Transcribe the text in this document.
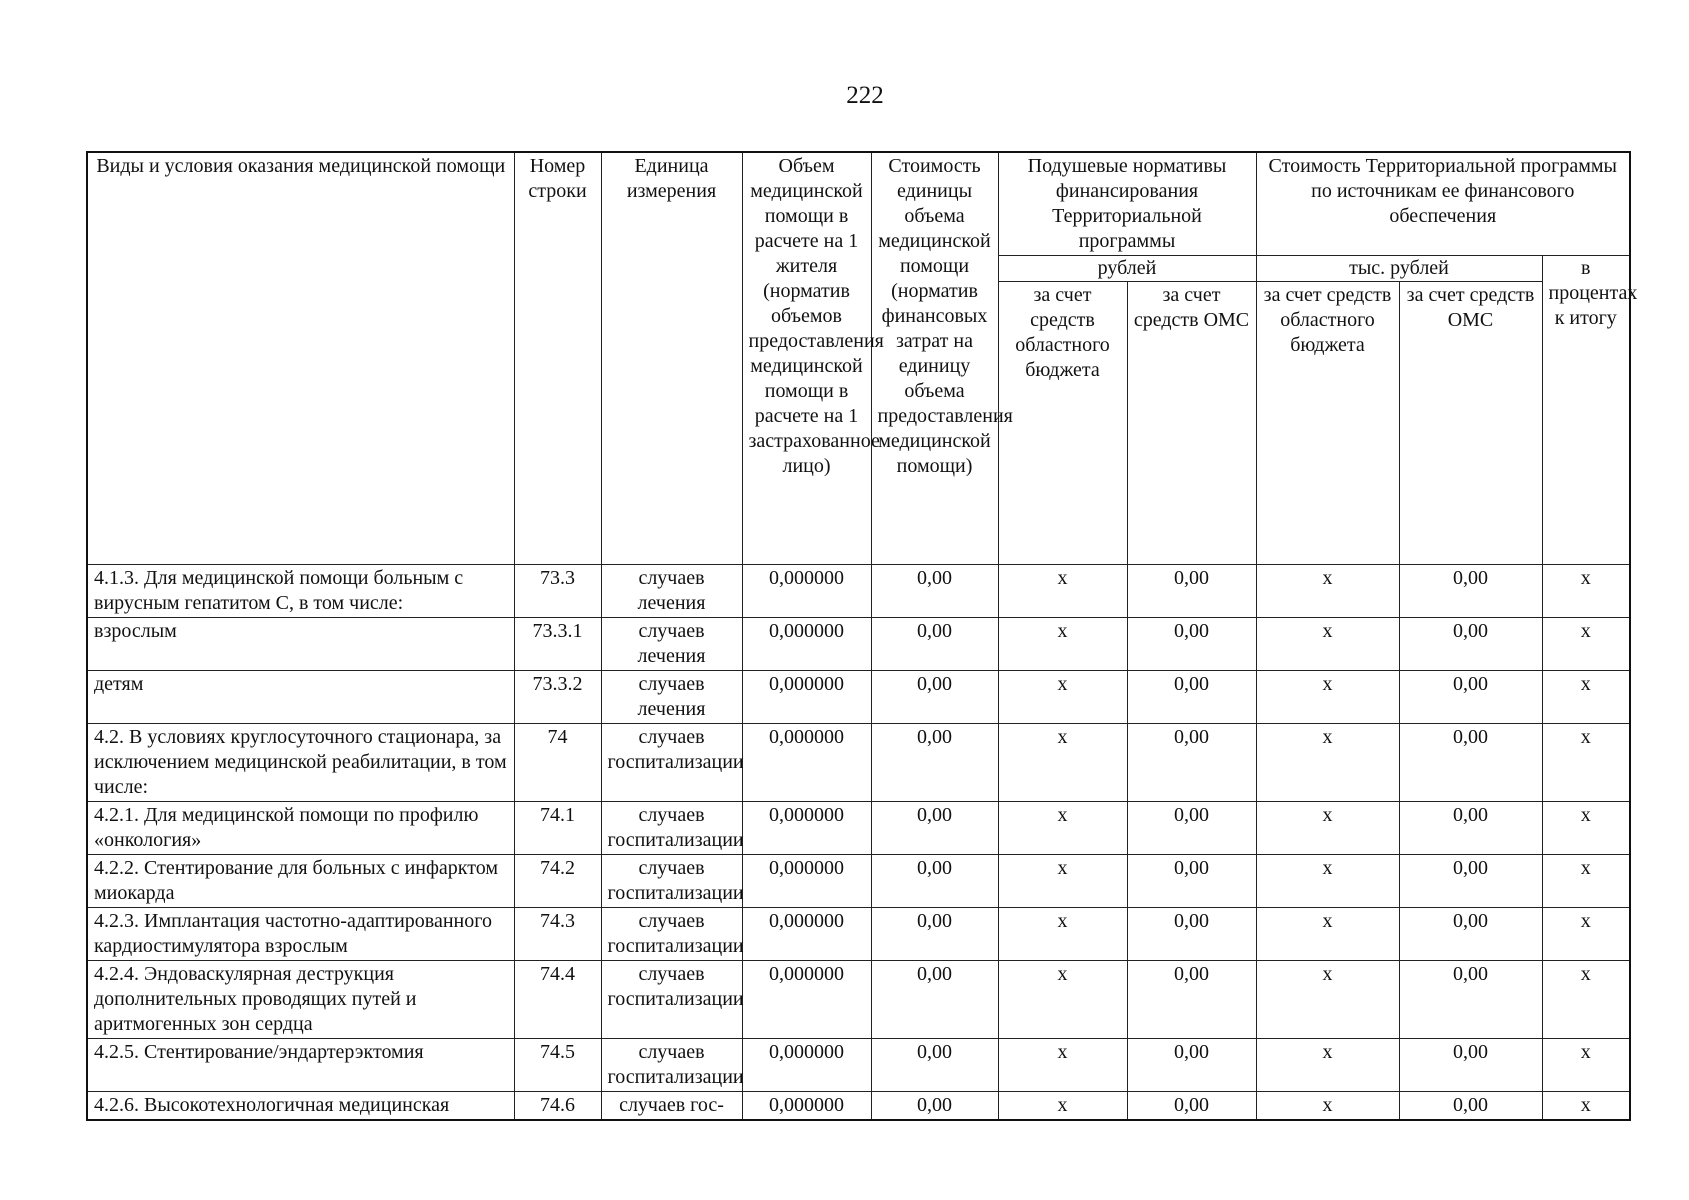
222
Виды и условия оказания медицинской помощи	Номер строки	Единица измерения	Объем медицинской помощи в расчете на 1 жителя (норматив объемов предоставления медицинской помощи в расчете на 1 застрахованное лицо)	Стоимость единицы объема медицинской помощи (норматив финансовых затрат на единицу объема предоставления медицинской помощи)	Подушевые нормативы финансирования Территориальной программы		Стоимость Территориальной программы по источникам ее финансового обеспечения		
					рублей		тыс. рублей		в процентах к итогу
					за счет средств областного бюджета	за счет средств ОМС	за счет средств областного бюджета	за счет средств ОМС	
4.1.3. Для медицинской помощи больным с вирусным гепатитом С, в том числе:	73.3	случаев лечения	0,000000	0,00	х	0,00	х	0,00	х
взрослым	73.3.1	случаев лечения	0,000000	0,00	х	0,00	х	0,00	х
детям	73.3.2	случаев лечения	0,000000	0,00	х	0,00	х	0,00	х
4.2. В условиях круглосуточного стационара, за исключением медицинской реабилитации, в том числе:	74	случаев госпитализации	0,000000	0,00	х	0,00	х	0,00	х
4.2.1. Для медицинской помощи по профилю «онкология»	74.1	случаев госпитализации	0,000000	0,00	х	0,00	х	0,00	х
4.2.2. Стентирование для больных с инфарктом миокарда	74.2	случаев госпитализации	0,000000	0,00	х	0,00	х	0,00	х
4.2.3. Имплантация частотно-адаптированного кардиостимулятора взрослым	74.3	случаев госпитализации	0,000000	0,00	х	0,00	х	0,00	х
4.2.4. Эндоваскулярная деструкция дополнительных проводящих путей и аритмогенных зон сердца	74.4	случаев госпитализации	0,000000	0,00	х	0,00	х	0,00	х
4.2.5. Стентирование/эндартерэктомия	74.5	случаев госпитализации	0,000000	0,00	х	0,00	х	0,00	х
4.2.6. Высокотехнологичная медицинская	74.6	случаев гос-	0,000000	0,00	х	0,00	х	0,00	х
